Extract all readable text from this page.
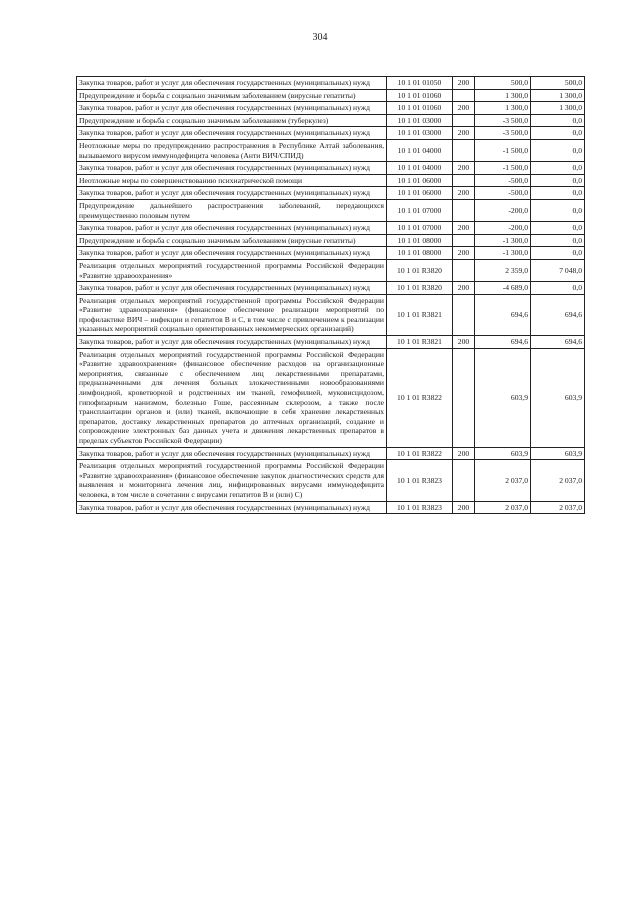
304
Закупка товаров, работ и услуг для обеспечения государственных (муниципальных) нужд	10 1 01 01050	200	500,0	500,0
Предупреждение и борьба с социально значимым заболеванием (вирусные гепатиты)	10 1 01 01060		1 300,0	1 300,0
Закупка товаров, работ и услуг для обеспечения государственных (муниципальных) нужд	10 1 01 01060	200	1 300,0	1 300,0
Предупреждение и борьба с социально значимым заболеванием (туберкулез)	10 1 01 03000		-3 500,0	0,0
Закупка товаров, работ и услуг для обеспечения государственных (муниципальных) нужд	10 1 01 03000	200	-3 500,0	0,0
Неотложные меры по предупреждению распространения в Республике Алтай заболевания, вызываемого вирусом иммунодефицита человека (Анти ВИЧ/СПИД)	10 1 01 04000		-1 500,0	0,0
Закупка товаров, работ и услуг для обеспечения государственных (муниципальных) нужд	10 1 01 04000	200	-1 500,0	0,0
Неотложные меры по совершенствованию психиатрической помощи	10 1 01 06000		-500,0	0,0
Закупка товаров, работ и услуг для обеспечения государственных (муниципальных) нужд	10 1 01 06000	200	-500,0	0,0
Предупреждение дальнейшего распространения заболеваний, передающихся преимущественно половым путем	10 1 01 07000		-200,0	0,0
Закупка товаров, работ и услуг для обеспечения государственных (муниципальных) нужд	10 1 01 07000	200	-200,0	0,0
Предупреждение и борьба с социально значимым заболеванием (вирусные гепатиты)	10 1 01 08000		-1 300,0	0,0
Закупка товаров, работ и услуг для обеспечения государственных (муниципальных) нужд	10 1 01 08000	200	-1 300,0	0,0
Реализация отдельных мероприятий государственной программы Российской Федерации «Развитие здравоохранения»	10 1 01 R3820		2 359,0	7 048,0
Закупка товаров, работ и услуг для обеспечения государственных (муниципальных) нужд	10 1 01 R3820	200	-4 689,0	0,0
Реализация отдельных мероприятий государственной программы Российской Федерации «Развитие здравоохранения» (финансовое обеспечение реализации мероприятий по профилактике ВИЧ – инфекции и гепатитов В и С, в том числе с привлечением к реализации указанных мероприятий социально ориентированных некоммерческих организаций)	10 1 01 R3821		694,6	694,6
Закупка товаров, работ и услуг для обеспечения государственных (муниципальных) нужд	10 1 01 R3821	200	694,6	694,6
Реализация отдельных мероприятий государственной программы Российской Федерации «Развитие здравоохранения» (финансовое обеспечение расходов на организационные мероприятия, связанные с обеспечением лиц лекарственными препаратами, предназначенными для лечения больных злокачественными новообразованиями лимфоидной, кроветворной и родственных им тканей, гемофилией, муковисцидозом, гипофизарным нанизмом, болезнью Гоше, рассеянным склерозом, а также после трансплантации органов и (или) тканей, включающие в себя хранение лекарственных препаратов, доставку лекарственных препаратов до аптечных организаций, создание и сопровождение электронных баз данных учета и движения лекарственных препаратов в пределах субъектов Российской Федерации)	10 1 01 R3822		603,9	603,9
Закупка товаров, работ и услуг для обеспечения государственных (муниципальных) нужд	10 1 01 R3822	200	603,9	603,9
Реализация отдельных мероприятий государственной программы Российской Федерации «Развитие здравоохранения» (финансовое обеспечение закупок диагностических средств для выявления и мониторинга лечения лиц, инфицированных вирусами иммунодефицита человека, в том числе в сочетании с вирусами гепатитов В и (или) С)	10 1 01 R3823		2 037,0	2 037,0
Закупка товаров, работ и услуг для обеспечения государственных (муниципальных) нужд	10 1 01 R3823	200	2 037,0	2 037,0
